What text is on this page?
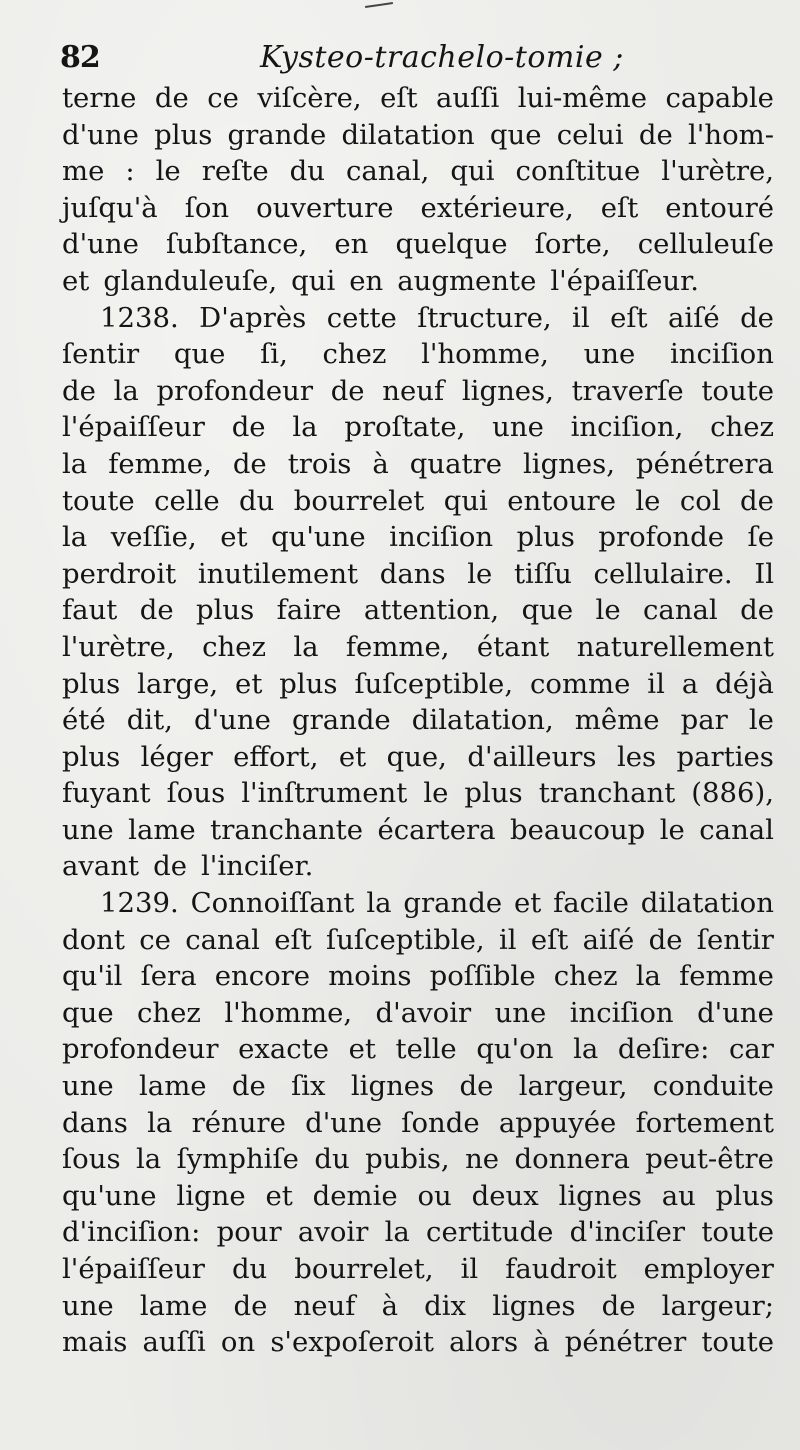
82	Kysteo-trachelo-tomie ;
terne de ce viſcère, eſt auſſi lui-même capable
d'une plus grande dilatation que celui de l'hom-
me : le reſte du canal, qui conſtitue l'urètre,
juſqu'à ſon ouverture extérieure, eſt entouré
d'une ſubſtance, en quelque ſorte, celluleuſe
et glanduleuſe, qui en augmente l'épaiſſeur.
1238. D'après cette ſtructure, il eſt aiſé de
ſentir que ſi, chez l'homme, une inciſion
de la profondeur de neuf lignes, traverſe toute
l'épaiſſeur de la proſtate, une inciſion, chez
la femme, de trois à quatre lignes, pénétrera
toute celle du bourrelet qui entoure le col de
la veſſie, et qu'une inciſion plus profonde ſe
perdroit inutilement dans le tiſſu cellulaire. Il
faut de plus faire attention, que le canal de
l'urètre, chez la femme, étant naturellement
plus large, et plus ſuſceptible, comme il a déjà
été dit, d'une grande dilatation, même par le
plus léger effort, et que, d'ailleurs les parties
fuyant ſous l'inſtrument le plus tranchant (886),
une lame tranchante écartera beaucoup le canal
avant de l'inciſer.
1239. Connoiſſant la grande et facile dilatation
dont ce canal eſt ſuſceptible, il eſt aiſé de ſentir
qu'il ſera encore moins poſſible chez la femme
que chez l'homme, d'avoir une inciſion d'une
profondeur exacte et telle qu'on la deſire: car
une lame de ſix lignes de largeur, conduite
dans la rénure d'une ſonde appuyée fortement
ſous la ſymphiſe du pubis, ne donnera peut-être
qu'une ligne et demie ou deux lignes au plus
d'inciſion: pour avoir la certitude d'inciſer toute
l'épaiſſeur du bourrelet, il faudroit employer
une lame de neuf à dix lignes de largeur;
mais auſſi on s'expoſeroit alors à pénétrer toute
